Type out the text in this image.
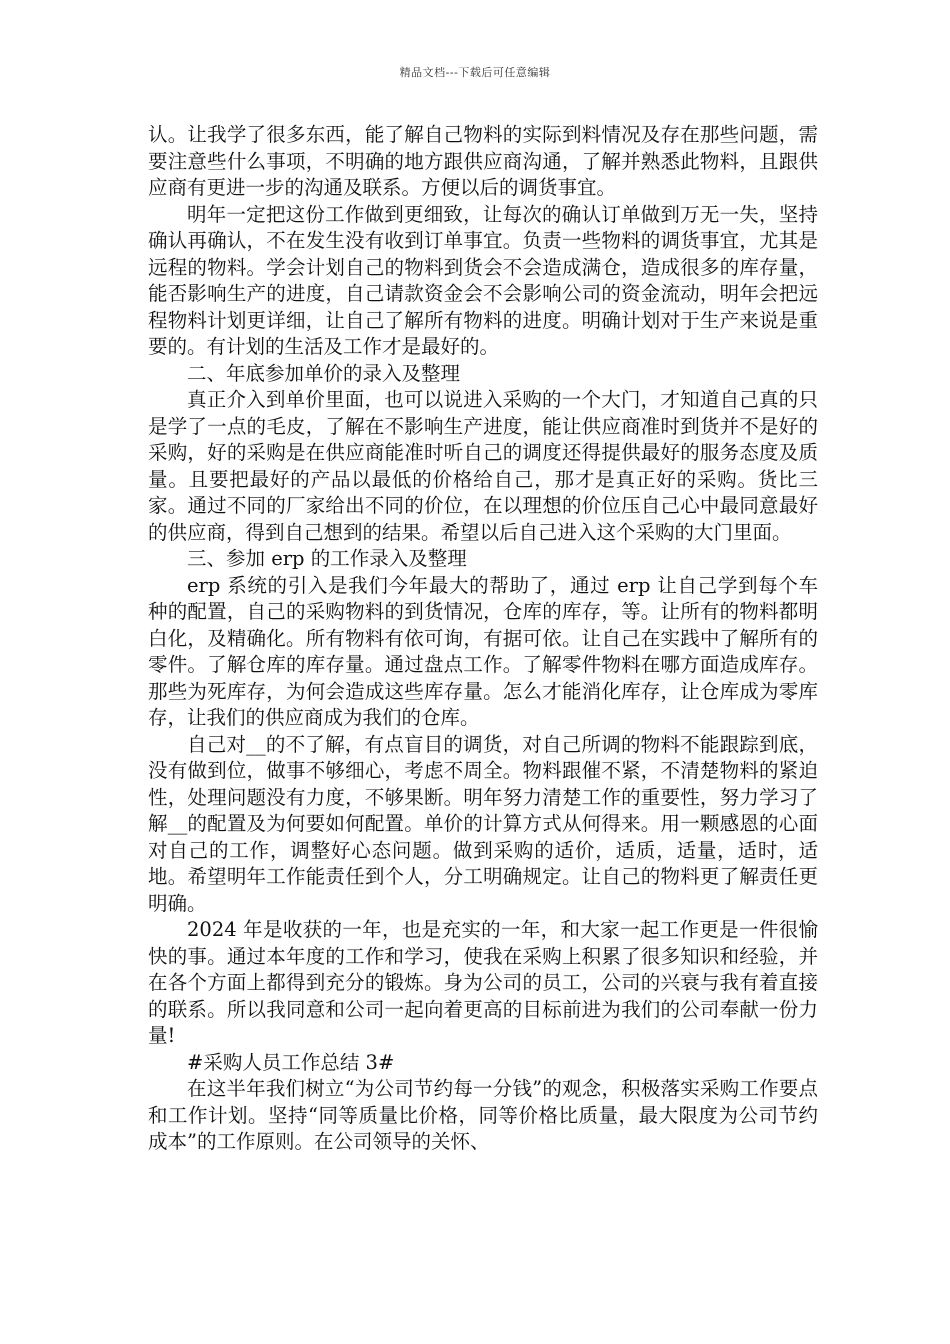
精品文档---下载后可任意编辑

认。让我学了很多东西，能了解自己物料的实际到料情况及存在那些问题，需要注意些什么事项，不明确的地方跟供应商沟通，了解并熟悉此物料，且跟供应商有更进一步的沟通及联系。方便以后的调货事宜。

明年一定把这份工作做到更细致，让每次的确认订单做到万无一失，坚持确认再确认，不在发生没有收到订单事宜。负责一些物料的调货事宜，尤其是远程的物料。学会计划自己的物料到货会不会造成满仓，造成很多的库存量，能否影响生产的进度，自己请款资金会不会影响公司的资金流动，明年会把远程物料计划更详细，让自己了解所有物料的进度。明确计划对于生产来说是重要的。有计划的生活及工作才是最好的。

二、年底参加单价的录入及整理

真正介入到单价里面，也可以说进入采购的一个大门，才知道自己真的只是学了一点的毛皮，了解在不影响生产进度，能让供应商准时到货并不是好的采购，好的采购是在供应商能准时听自己的调度还得提供最好的服务态度及质量。且要把最好的产品以最低的价格给自己，那才是真正好的采购。货比三家。通过不同的厂家给出不同的价位，在以理想的价位压自己心中最同意最好的供应商，得到自己想到的结果。希望以后自己进入这个采购的大门里面。

三、参加 erp 的工作录入及整理

erp 系统的引入是我们今年最大的帮助了，通过 erp 让自己学到每个车种的配置，自己的采购物料的到货情况，仓库的库存，等。让所有的物料都明白化，及精确化。所有物料有依可询，有据可依。让自己在实践中了解所有的零件。了解仓库的库存量。通过盘点工作。了解零件物料在哪方面造成库存。那些为死库存，为何会造成这些库存量。怎么才能消化库存，让仓库成为零库存，让我们的供应商成为我们的仓库。

自己对__的不了解，有点盲目的调货，对自己所调的物料不能跟踪到底，没有做到位，做事不够细心，考虑不周全。物料跟催不紧，不清楚物料的紧迫性，处理问题没有力度，不够果断。明年努力清楚工作的重要性，努力学习了解__的配置及为何要如何配置。单价的计算方式从何得来。用一颗感恩的心面对自己的工作，调整好心态问题。做到采购的适价，适质，适量，适时，适地。希望明年工作能责任到个人，分工明确规定。让自己的物料更了解责任更明确。

2024 年是收获的一年，也是充实的一年，和大家一起工作更是一件很愉快的事。通过本年度的工作和学习，使我在采购上积累了很多知识和经验，并在各个方面上都得到充分的锻炼。身为公司的员工，公司的兴衰与我有着直接的联系。所以我同意和公司一起向着更高的目标前进为我们的公司奉献一份力量!

#采购人员工作总结 3#

在这半年我们树立“为公司节约每一分钱”的观念，积极落实采购工作要点和工作计划。坚持“同等质量比价格，同等价格比质量，最大限度为公司节约成本”的工作原则。在公司领导的关怀、
